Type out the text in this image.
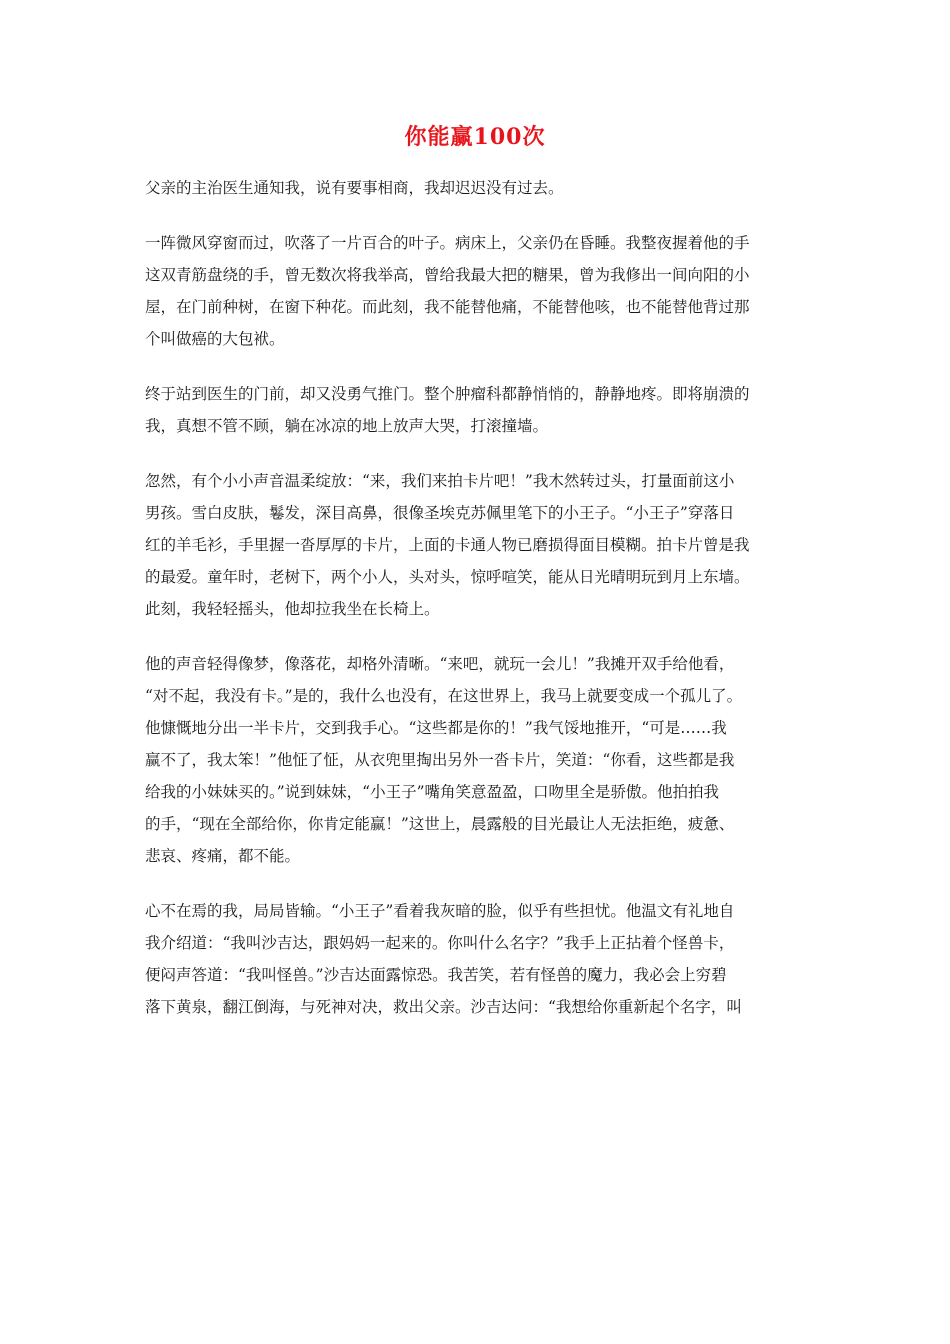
你能赢100次
父亲的主治医生通知我，说有要事相商，我却迟迟没有过去。
一阵微风穿窗而过，吹落了一片百合的叶子。病床上，父亲仍在昏睡。我整夜握着他的手
这双青筋盘绕的手，曾无数次将我举高，曾给我最大把的糖果，曾为我修出一间向阳的小
屋，在门前种树，在窗下种花。而此刻，我不能替他痛，不能替他咳，也不能替他背过那
个叫做癌的大包袱。
终于站到医生的门前，却又没勇气推门。整个肿瘤科都静悄悄的，静静地疼。即将崩溃的
我，真想不管不顾，躺在冰凉的地上放声大哭，打滚撞墙。
忽然，有个小小声音温柔绽放：“来，我们来拍卡片吧！”我木然转过头，打量面前这小
男孩。雪白皮肤，鬈发，深目高鼻，很像圣埃克苏佩里笔下的小王子。“小王子”穿落日
红的羊毛衫，手里握一沓厚厚的卡片，上面的卡通人物已磨损得面目模糊。拍卡片曾是我
的最爱。童年时，老树下，两个小人，头对头，惊呼喧笑，能从日光晴明玩到月上东墙。
此刻，我轻轻摇头，他却拉我坐在长椅上。
他的声音轻得像梦，像落花，却格外清晰。“来吧，就玩一会儿！”我摊开双手给他看，
“对不起，我没有卡。”是的，我什么也没有，在这世界上，我马上就要变成一个孤儿了。
他慷慨地分出一半卡片，交到我手心。“这些都是你的！”我气馁地推开，“可是……我
赢不了，我太笨！”他怔了怔，从衣兜里掏出另外一沓卡片，笑道：“你看，这些都是我
给我的小妹妹买的。”说到妹妹，“小王子”嘴角笑意盈盈，口吻里全是骄傲。他拍拍我
的手，“现在全部给你，你肯定能赢！”这世上，晨露般的目光最让人无法拒绝，疲惫、
悲哀、疼痛，都不能。
心不在焉的我，局局皆输。“小王子”看着我灰暗的脸，似乎有些担忧。他温文有礼地自
我介绍道：“我叫沙吉达，跟妈妈一起来的。你叫什么名字？”我手上正拈着个怪兽卡，
便闷声答道：“我叫怪兽。”沙吉达面露惊恐。我苦笑，若有怪兽的魔力，我必会上穷碧
落下黄泉，翻江倒海，与死神对决，救出父亲。沙吉达问：“我想给你重新起个名字，叫
